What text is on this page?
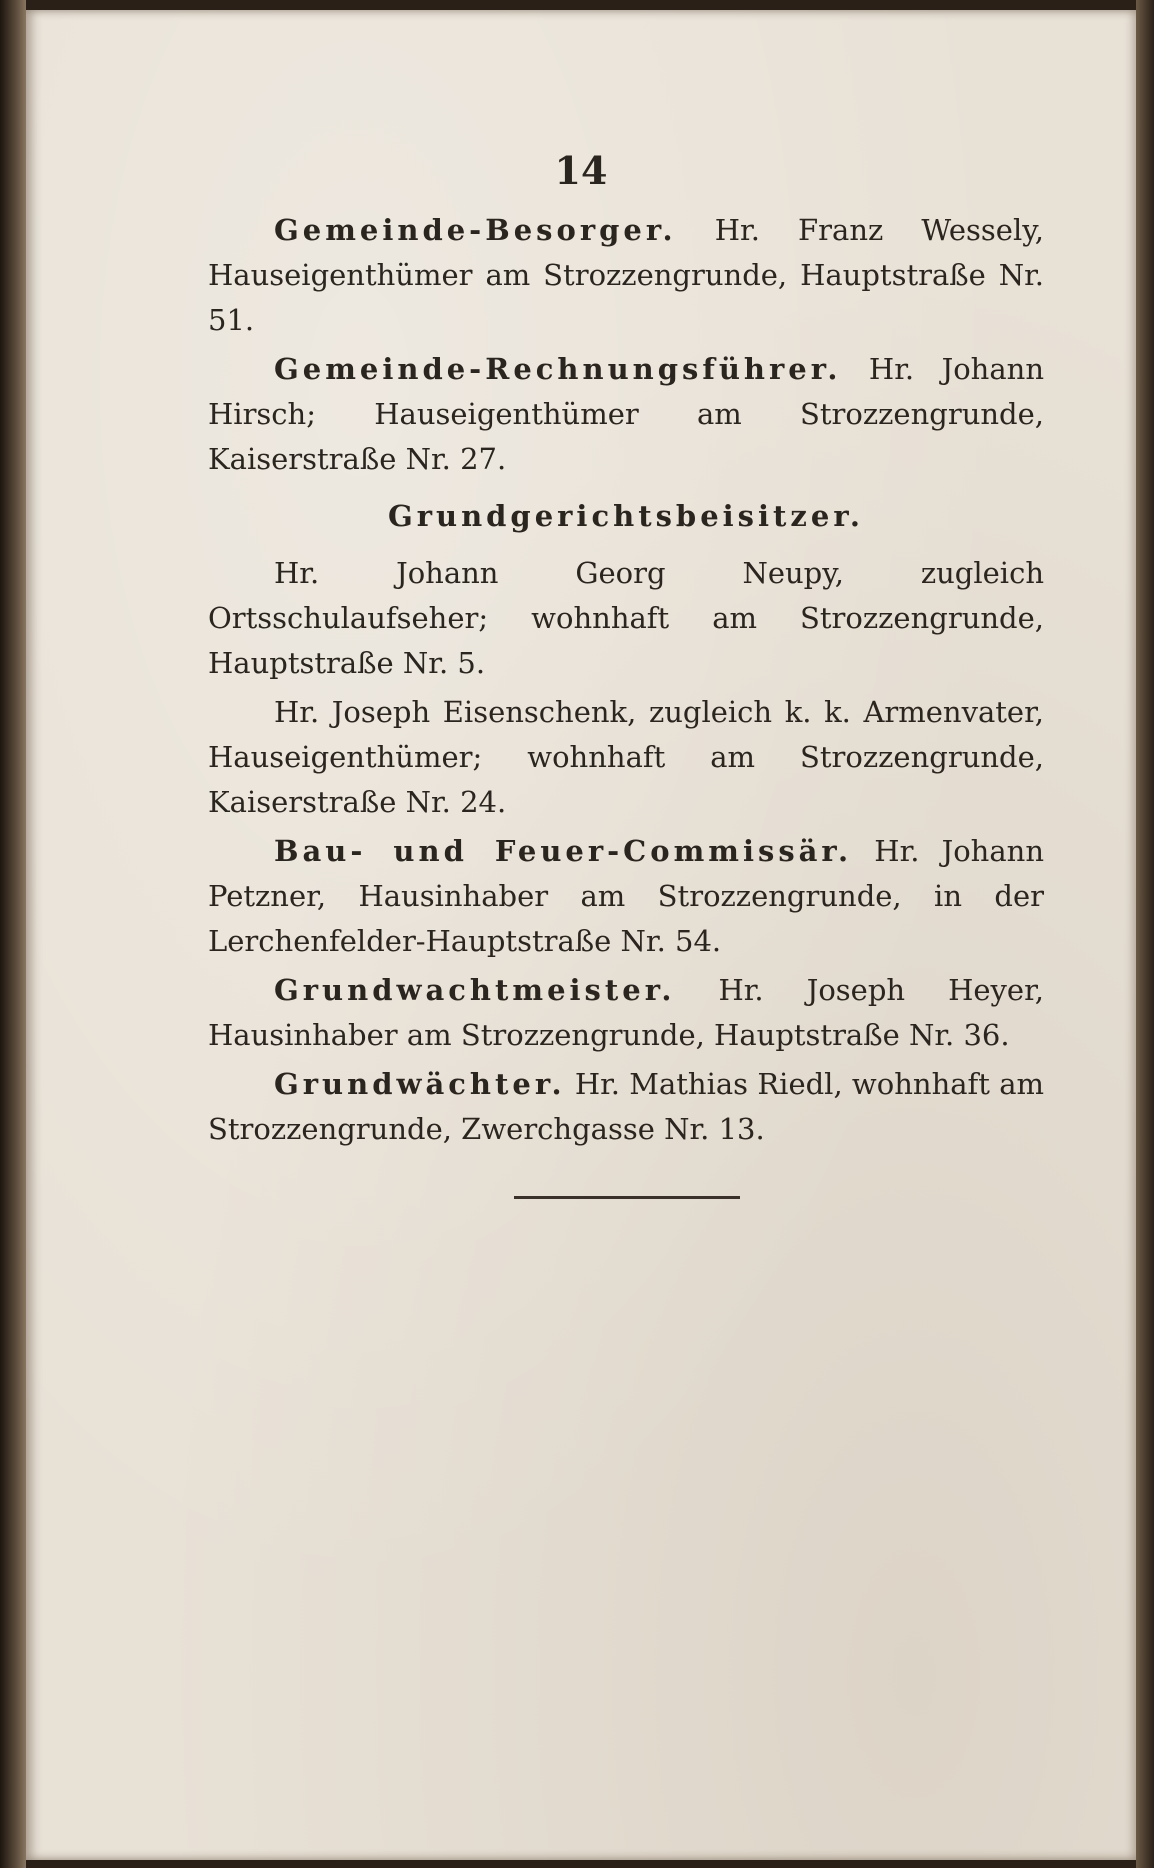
14

Gemeinde-Besorger. Hr. Franz Wessely, Hauseigenthümer am Strozzengrunde, Hauptstraße Nr. 51.

Gemeinde-Rechnungsführer. Hr. Johann Hirsch; Hauseigenthümer am Strozzengrunde, Kaiserstraße Nr. 27.

Grundgerichtsbeisitzer.

Hr. Johann Georg Neupy, zugleich Ortsschulaufseher; wohnhaft am Strozzengrunde, Hauptstraße Nr. 5.

Hr. Joseph Eisenschenk, zugleich k. k. Armenvater, Hauseigenthümer; wohnhaft am Strozzengrunde, Kaiserstraße Nr. 24.

Bau- und Feuer-Commissär. Hr. Johann Petzner, Hausinhaber am Strozzengrunde, in der Lerchenfelder-Hauptstraße Nr. 54.

Grundwachtmeister. Hr. Joseph Heyer, Hausinhaber am Strozzengrunde, Hauptstraße Nr. 36.

Grundwächter. Hr. Mathias Riedl, wohnhaft am Strozzengrunde, Zwerchgasse Nr. 13.
